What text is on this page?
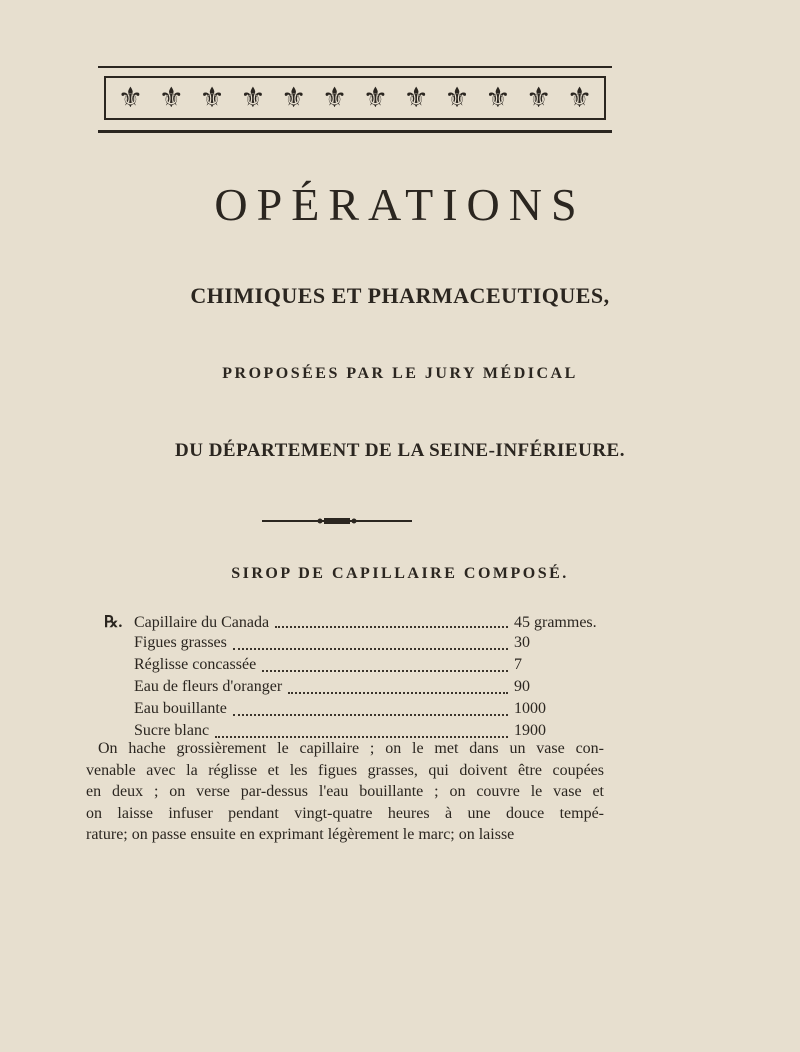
⚜ ⚜ ⚜ ⚜ ⚜ ⚜ ⚜ ⚜ ⚜ ⚜ ⚜ ⚜
OPÉRATIONS
CHIMIQUES ET PHARMACEUTIQUES,
PROPOSÉES PAR LE JURY MÉDICAL
DU DÉPARTEMENT DE LA SEINE-INFÉRIEURE.
SIROP DE CAPILLAIRE COMPOSÉ.
℞. Capillaire du Canada	45 grammes.
Figues grasses	30
Réglisse concassée	7
Eau de fleurs d'oranger	90
Eau bouillante	1000
Sucre blanc	1900
On hache grossièrement le capillaire ; on le met dans un vase con-
venable avec la réglisse et les figues grasses, qui doivent être coupées
en deux ; on verse par-dessus l'eau bouillante ; on couvre le vase et
on laisse infuser pendant vingt-quatre heures à une douce tempé-
rature; on passe ensuite en exprimant légèrement le marc; on laisse
